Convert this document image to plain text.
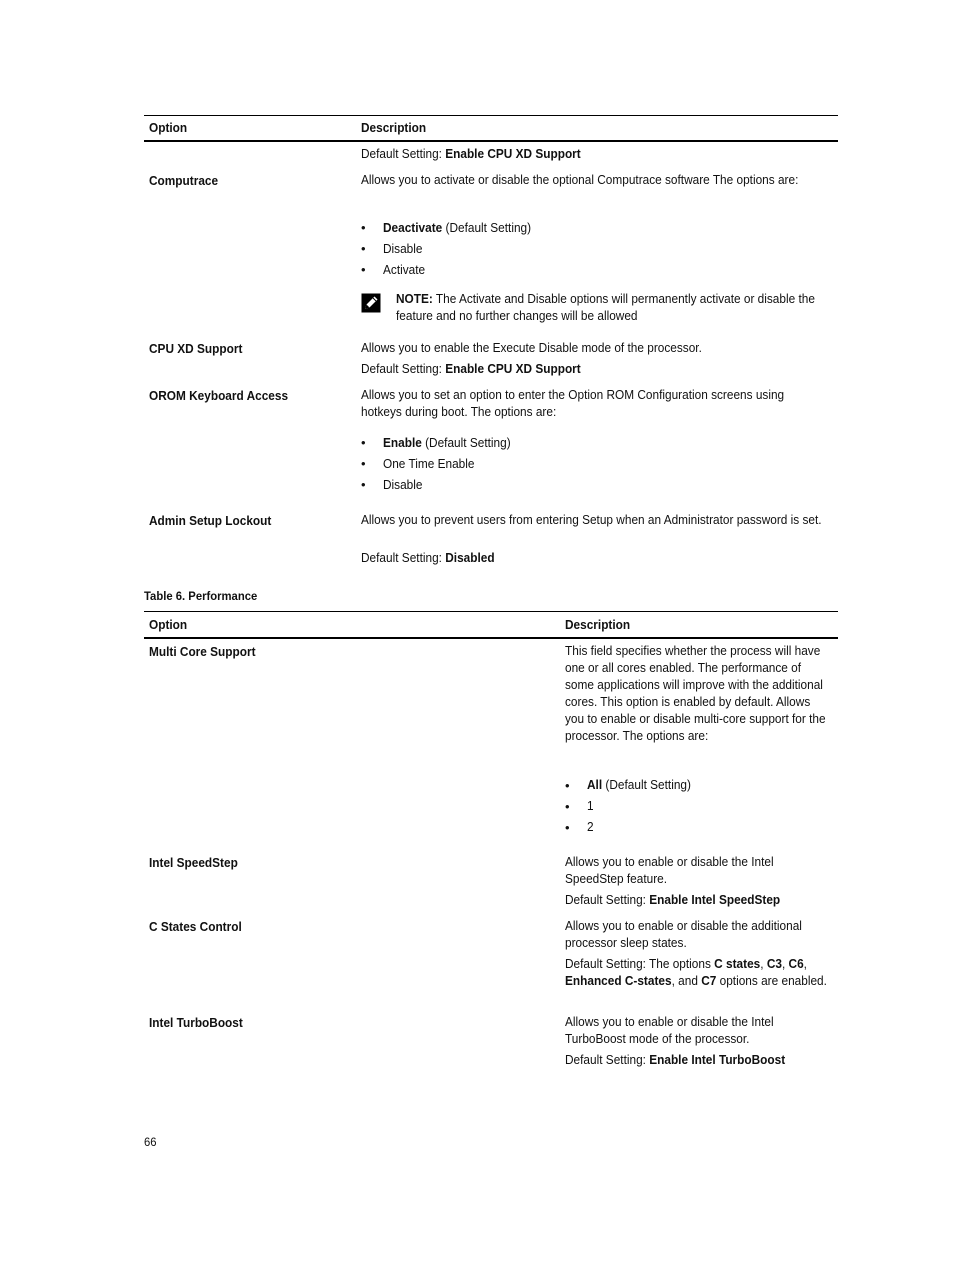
Option	Description
Default Setting: Enable CPU XD Support
Computrace	Allows you to activate or disable the optional Computrace software The options are:
• Deactivate (Default Setting)
• Disable
• Activate
NOTE: The Activate and Disable options will permanently activate or disable the feature and no further changes will be allowed
CPU XD Support	Allows you to enable the Execute Disable mode of the processor.
Default Setting: Enable CPU XD Support
OROM Keyboard Access	Allows you to set an option to enter the Option ROM Configuration screens using hotkeys during boot. The options are:
• Enable (Default Setting)
• One Time Enable
• Disable
Admin Setup Lockout	Allows you to prevent users from entering Setup when an Administrator password is set.
Default Setting: Disabled
Table 6. Performance
Option	Description
Multi Core Support	This field specifies whether the process will have one or all cores enabled. The performance of some applications will improve with the additional cores. This option is enabled by default. Allows you to enable or disable multi-core support for the processor. The options are:
• All (Default Setting)
• 1
• 2
Intel SpeedStep	Allows you to enable or disable the Intel SpeedStep feature.
Default Setting: Enable Intel SpeedStep
C States Control	Allows you to enable or disable the additional processor sleep states.
Default Setting: The options C states, C3, C6, Enhanced C-states, and C7 options are enabled.
Intel TurboBoost	Allows you to enable or disable the Intel TurboBoost mode of the processor.
Default Setting: Enable Intel TurboBoost
66
